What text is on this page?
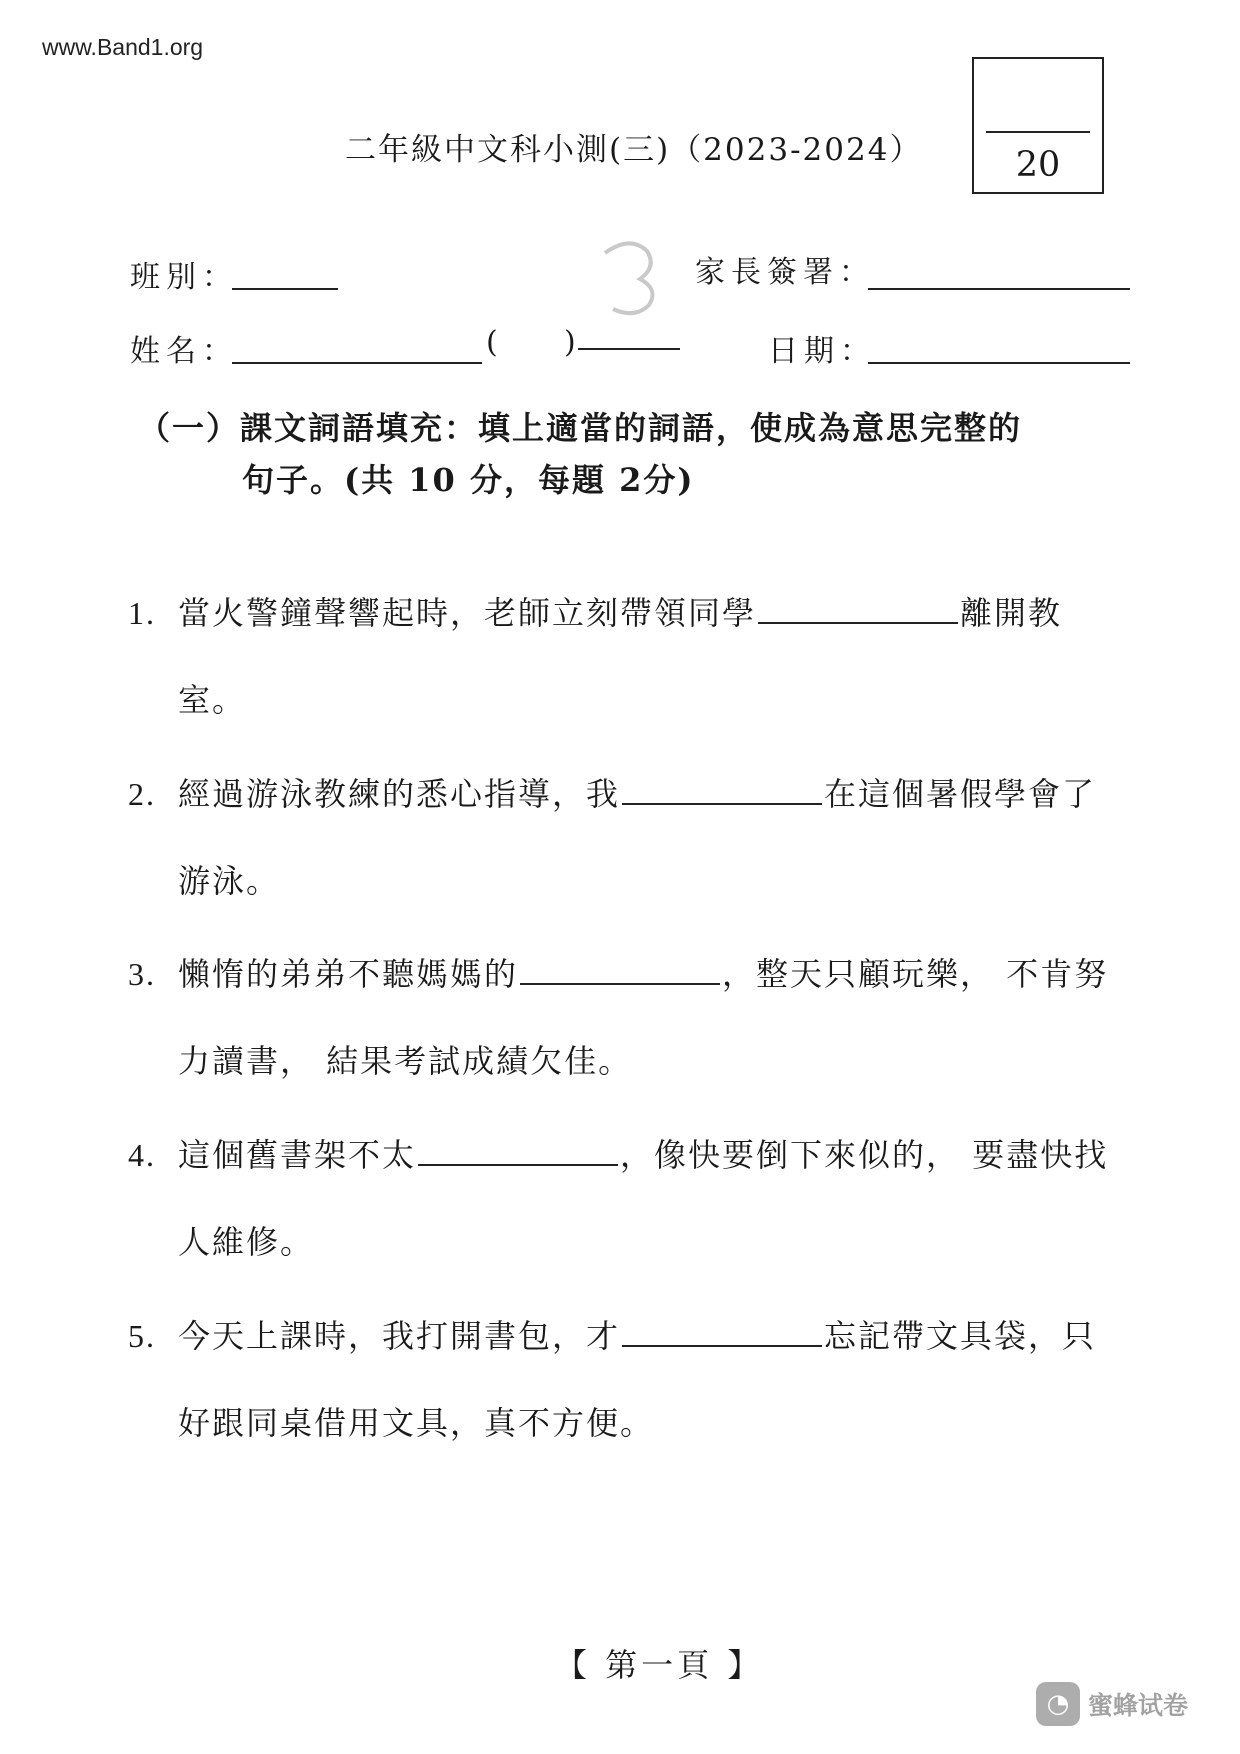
www.Band1.org
二年級中文科小測(三)（2023-2024）	20
班別：	家長簽署：
姓名：	( )	日期：
（一）課文詞語填充：填上適當的詞語，使成為意思完整的
句子。(共 10 分，每題 2分)
1. 當火警鐘聲響起時，老師立刻帶領同學	離開教
室。
2. 經過游泳教練的悉心指導，我	在這個暑假學會了
游泳。
3. 懶惰的弟弟不聽媽媽的	，整天只顧玩樂， 不肯努
力讀書， 結果考試成績欠佳。
4. 這個舊書架不太	，像快要倒下來似的， 要盡快找
人維修。
5. 今天上課時，我打開書包，才	忘記帶文具袋，只
好跟同桌借用文具，真不方便。
【 第一頁 】
◔ 蜜蜂试卷
